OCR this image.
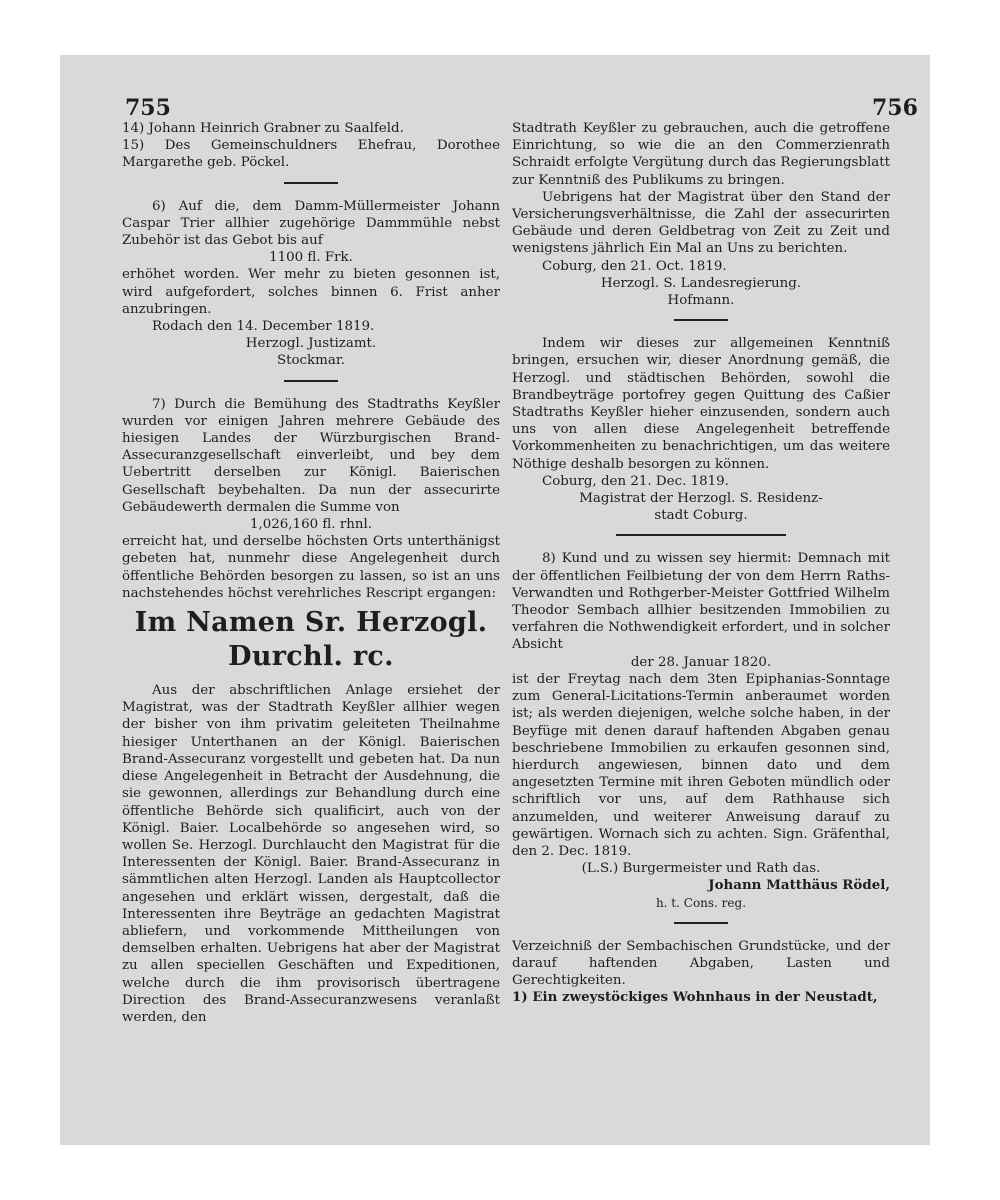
755	756

14) Johann Heinrich Grabner zu Saalfeld.

15) Des Gemeinschuldners Ehefrau, Dorothee Margarethe geb. Pöckel.

6) Auf die, dem Damm-Müllermeister Johann Caspar Trier allhier zugehörige Dammmühle nebst Zubehör ist das Gebot bis auf

1100 fl. Frk.

erhöhet worden. Wer mehr zu bieten gesonnen ist, wird aufgefordert, solches binnen 6. Frist anher anzubringen.

Rodach den 14. December 1819.

Herzogl. Justizamt.

Stockmar.

7) Durch die Bemühung des Stadtraths Keyßler wurden vor einigen Jahren mehrere Gebäude des hiesigen Landes der Würzburgischen Brand-Assecuranzgesellschaft einverleibt, und bey dem Uebertritt derselben zur Königl. Baierischen Gesellschaft beybehalten. Da nun der assecurirte Gebäudewerth dermalen die Summe von

1,026,160 fl. rhnl.

erreicht hat, und derselbe höchsten Orts unterthänigst gebeten hat, nunmehr diese Angelegenheit durch öffentliche Behörden besorgen zu lassen, so ist an uns nachstehendes höchst verehrliches Rescript ergangen:

Im Namen Sr. Herzogl. Durchl. rc.

Aus der abschriftlichen Anlage ersiehet der Magistrat, was der Stadtrath Keyßler allhier wegen der bisher von ihm privatim geleiteten Theilnahme hiesiger Unterthanen an der Königl. Baierischen Brand-Assecuranz vorgestellt und gebeten hat. Da nun diese Angelegenheit in Betracht der Ausdehnung, die sie gewonnen, allerdings zur Behandlung durch eine öffentliche Behörde sich qualificirt, auch von der Königl. Baier. Localbehörde so angesehen wird, so wollen Se. Herzogl. Durchlaucht den Magistrat für die Interessenten der Königl. Baier. Brand-Assecuranz in sämmtlichen alten Herzogl. Landen als Hauptcollector angesehen und erklärt wissen, dergestalt, daß die Interessenten ihre Beyträge an gedachten Magistrat abliefern, und vorkommende Mittheilungen von demselben erhalten. Uebrigens hat aber der Magistrat zu allen speciellen Geschäften und Expeditionen, welche durch die ihm provisorisch übertragene Direction des Brand-Assecuranzwesens veranlaßt werden, den

Stadtrath Keyßler zu gebrauchen, auch die getroffene Einrichtung, so wie die an den Commerzienrath Schraidt erfolgte Vergütung durch das Regierungsblatt zur Kenntniß des Publikums zu bringen.

Uebrigens hat der Magistrat über den Stand der Versicherungsverhältnisse, die Zahl der assecurirten Gebäude und deren Geldbetrag von Zeit zu Zeit und wenigstens jährlich Ein Mal an Uns zu berichten.

Coburg, den 21. Oct. 1819.

Herzogl. S. Landesregierung.

Hofmann.

Indem wir dieses zur allgemeinen Kenntniß bringen, ersuchen wir, dieser Anordnung gemäß, die Herzogl. und städtischen Behörden, sowohl die Brandbeyträge portofrey gegen Quittung des Caßier Stadtraths Keyßler hieher einzusenden, sondern auch uns von allen diese Angelegenheit betreffende Vorkommenheiten zu benachrichtigen, um das weitere Nöthige deshalb besorgen zu können.

Coburg, den 21. Dec. 1819.

Magistrat der Herzogl. S. Residenz-

stadt Coburg.

8) Kund und zu wissen sey hiermit: Demnach mit der öffentlichen Feilbietung der von dem Herrn Raths-Verwandten und Rothgerber-Meister Gottfried Wilhelm Theodor Sembach allhier besitzenden Immobilien zu verfahren die Nothwendigkeit erfordert, und in solcher Absicht

der 28. Januar 1820.

ist der Freytag nach dem 3ten Epiphanias-Sonntage zum General-Licitations-Termin anberaumet worden ist; als werden diejenigen, welche solche haben, in der Beyfüge mit denen darauf haftenden Abgaben genau beschriebene Immobilien zu erkaufen gesonnen sind, hierdurch angewiesen, binnen dato und dem angesetzten Termine mit ihren Geboten mündlich oder schriftlich vor uns, auf dem Rathhause sich anzumelden, und weiterer Anweisung darauf zu gewärtigen. Wornach sich zu achten. Sign. Gräfenthal, den 2. Dec. 1819.

(L.S.) Burgermeister und Rath das.

Johann Matthäus Rödel,

h. t. Cons. reg.

Verzeichniß der Sembachischen Grundstücke, und der darauf haftenden Abgaben, Lasten und Gerechtigkeiten.

1) Ein zweystöckiges Wohnhaus in der Neustadt,
